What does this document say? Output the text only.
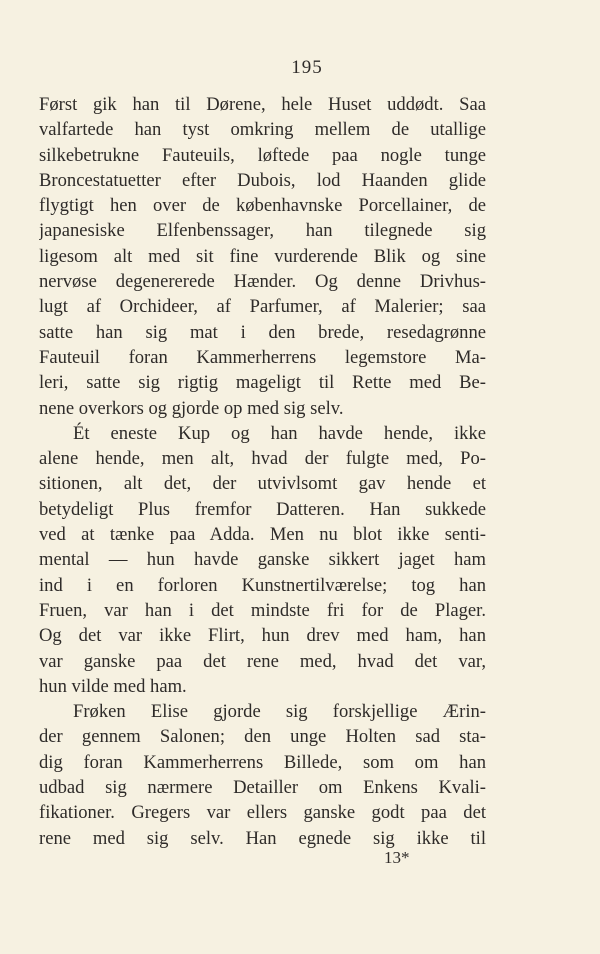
195
Først gik han til Dørene, hele Huset uddødt. Saa
valfartede han tyst omkring mellem de utallige
silkebetrukne Fauteuils, løftede paa nogle tunge
Broncestatuetter efter Dubois, lod Haanden glide
flygtigt hen over de københavnske Porcellainer, de
japanesiske Elfenbenssager, han tilegnede sig
ligesom alt med sit fine vurderende Blik og sine
nervøse degenererede Hænder. Og denne Drivhus-
lugt af Orchideer, af Parfumer, af Malerier; saa
satte han sig mat i den brede, resedagrønne
Fauteuil foran Kammerherrens legemstore Ma-
leri, satte sig rigtig mageligt til Rette med Be-
nene overkors og gjorde op med sig selv.
Ét eneste Kup og han havde hende, ikke
alene hende, men alt, hvad der fulgte med, Po-
sitionen, alt det, der utvivlsomt gav hende et
betydeligt Plus fremfor Datteren. Han sukkede
ved at tænke paa Adda. Men nu blot ikke senti-
mental — hun havde ganske sikkert jaget ham
ind i en forloren Kunstnertilværelse; tog han
Fruen, var han i det mindste fri for de Plager.
Og det var ikke Flirt, hun drev med ham, han
var ganske paa det rene med, hvad det var,
hun vilde med ham.
Frøken Elise gjorde sig forskjellige Ærin-
der gennem Salonen; den unge Holten sad sta-
dig foran Kammerherrens Billede, som om han
udbad sig nærmere Detailler om Enkens Kvali-
fikationer. Gregers var ellers ganske godt paa det
rene med sig selv. Han egnede sig ikke til
13*
